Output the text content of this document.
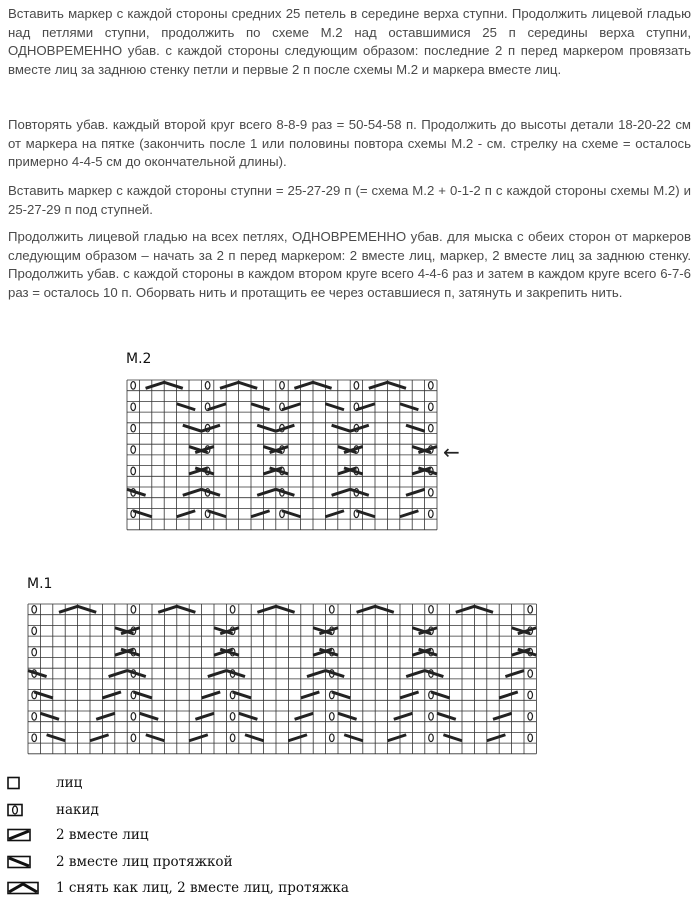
Вставить маркер с каждой стороны средних 25 петель в середине верха ступни. Продолжить лицевой гладью над петлями ступни, продолжить по схеме М.2 над оставшимися 25 п середины верха ступни, ОДНОВРЕМЕННО убав. с каждой стороны следующим образом: последние 2 п перед маркером провязать вместе лиц за заднюю стенку петли и первые 2 п после схемы М.2 и маркера вместе лиц.

Повторять убав. каждый второй круг всего 8-8-9 раз = 50-54-58 п. Продолжить до высоты детали 18-20-22 см от маркера на пятке (закончить после 1 или половины повтора схемы М.2 - см. стрелку на схеме = осталось примерно 4-4-5 см до окончательной длины).

Вставить маркер с каждой стороны ступни = 25-27-29 п (= схема М.2 + 0-1-2 п с каждой стороны схемы М.2) и 25-27-29 п под ступней.

Продолжить лицевой гладью на всех петлях, ОДНОВРЕМЕННО убав. для мыска с обеих сторон от маркеров следующим образом – начать за 2 п перед маркером: 2 вместе лиц, маркер, 2 вместе лиц за заднюю стенку. Продолжить убав. с каждой стороны в каждом втором круге всего 4-4-6 раз и затем в каждом круге всего 6-7-6 раз = осталось 10 п. Оборвать нить и протащить ее через оставшиеся п, затянуть и закрепить нить.

М.2
←
М.1
лиц
накид
2 вместе лиц
2 вместе лиц протяжкой
1 снять как лиц, 2 вместе лиц, протяжка
